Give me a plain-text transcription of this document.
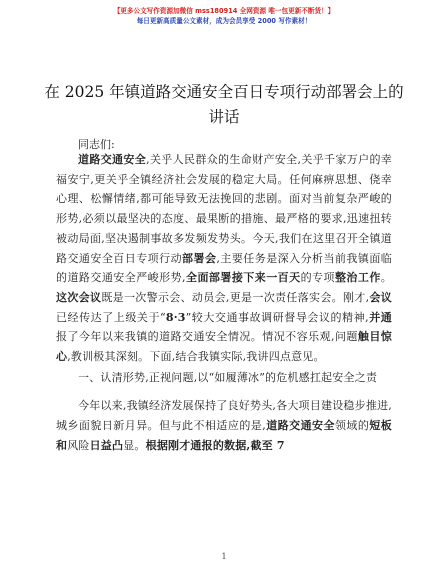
【更多公文写作资源加微信 mss180914 全网资源 唯一包更新不断货！】
每日更新高质量公文素材，成为会员享受 2000 写作素材！
在 2025 年镇道路交通安全百日专项行动部署会上的讲话
同志们:

道路交通安全,关乎人民群众的生命财产安全,关乎千家万户的幸福安宁,更关乎全镇经济社会发展的稳定大局。任何麻痹思想、侥幸心理、松懈情绪,都可能导致无法挽回的悲剧。面对当前复杂严峻的形势,必须以最坚决的态度、最果断的措施、最严格的要求,迅速扭转被动局面,坚决遏制事故多发频发势头。今天,我们在这里召开全镇道路交通安全百日专项行动部署会,主要任务是深入分析当前我镇面临的道路交通安全严峻形势,全面部署接下来一百天的专项整治工作。这次会议既是一次警示会、动员会,更是一次责任落实会。刚才,会议已经传达了上级关于“8·3”较大交通事故调研督导会议的精神,并通报了今年以来我镇的道路交通安全情况。情况不容乐观,问题触目惊心,教训极其深刻。下面,结合我镇实际,我讲四点意见。

一、认清形势,正视问题,以“如履薄冰”的危机感扛起安全之责

今年以来,我镇经济发展保持了良好势头,各大项目建设稳步推进,城乡面貌日新月异。但与此不相适应的是,道路交通安全领域的短板和风险日益凸显。根据刚才通报的数据,截至 7

1
